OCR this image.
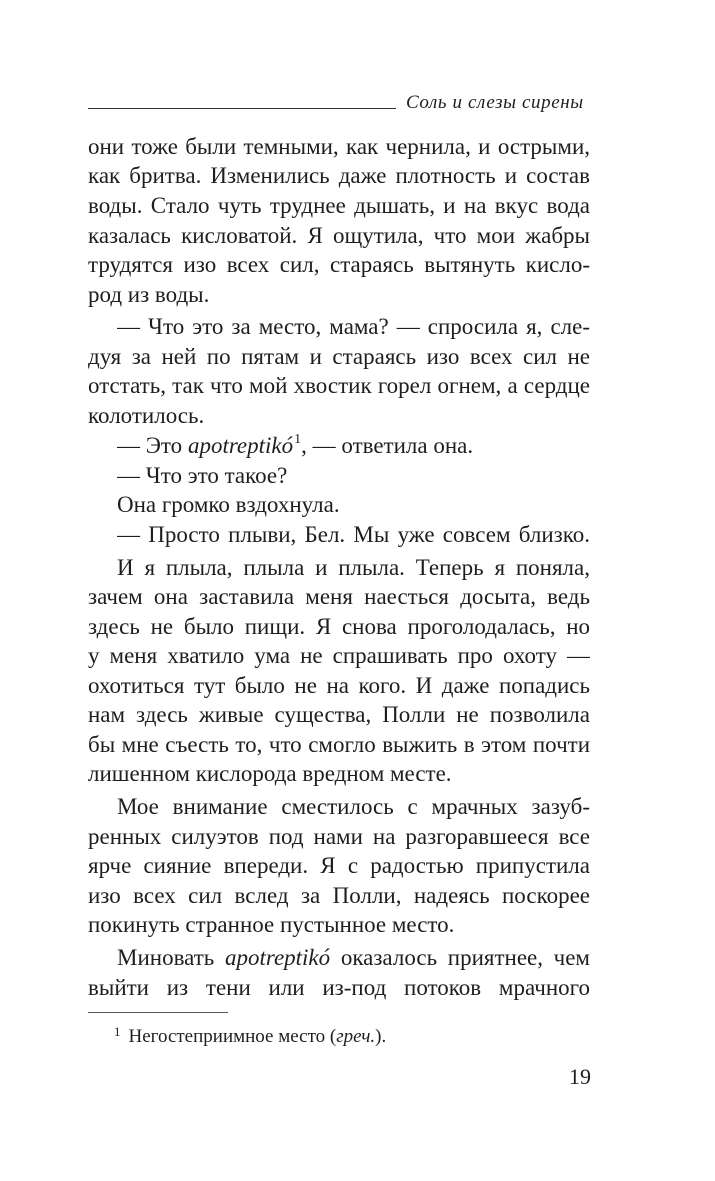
Соль и слезы сирены
— Это apotreptikó$^1$, — ответила она.
они тоже были темными, как чернила, и острыми,
как бритва. Изменились даже плотность и состав
воды. Стало чуть труднее дышать, и на вкус вода
казалась кисловатой. Я ощутила, что мои жабры
трудятся изо всех сил, стараясь вытянуть кисло-
род из воды.
— Что это за место, мама? — спросила я, сле-
дуя за ней по пятам и стараясь изо всех сил не
отстать, так что мой хвостик горел огнем, а сердце
колотилось.
— Что это такое?
Она громко вздохнула.
— Просто плыви, Бел. Мы уже совсем близко.
И я плыла, плыла и плыла. Теперь я поняла,
зачем она заставила меня наесться досыта, ведь
здесь не было пищи. Я снова проголодалась, но
у меня хватило ума не спрашивать про охоту —
охотиться тут было не на кого. И даже попадись
нам здесь живые существа, Полли не позволила
бы мне съесть то, что смогло выжить в этом почти
лишенном кислорода вредном месте.
Мое внимание сместилось с мрачных зазуб-
ренных силуэтов под нами на разгоравшееся все
ярче сияние впереди. Я с радостью припустила
изо всех сил вслед за Полли, надеясь поскорее
покинуть странное пустынное место.
Миновать apotreptikó оказалось приятнее, чем
выйти из тени или из-под потоков мрачного
$^1$ Негостеприимное место (греч.).
19
